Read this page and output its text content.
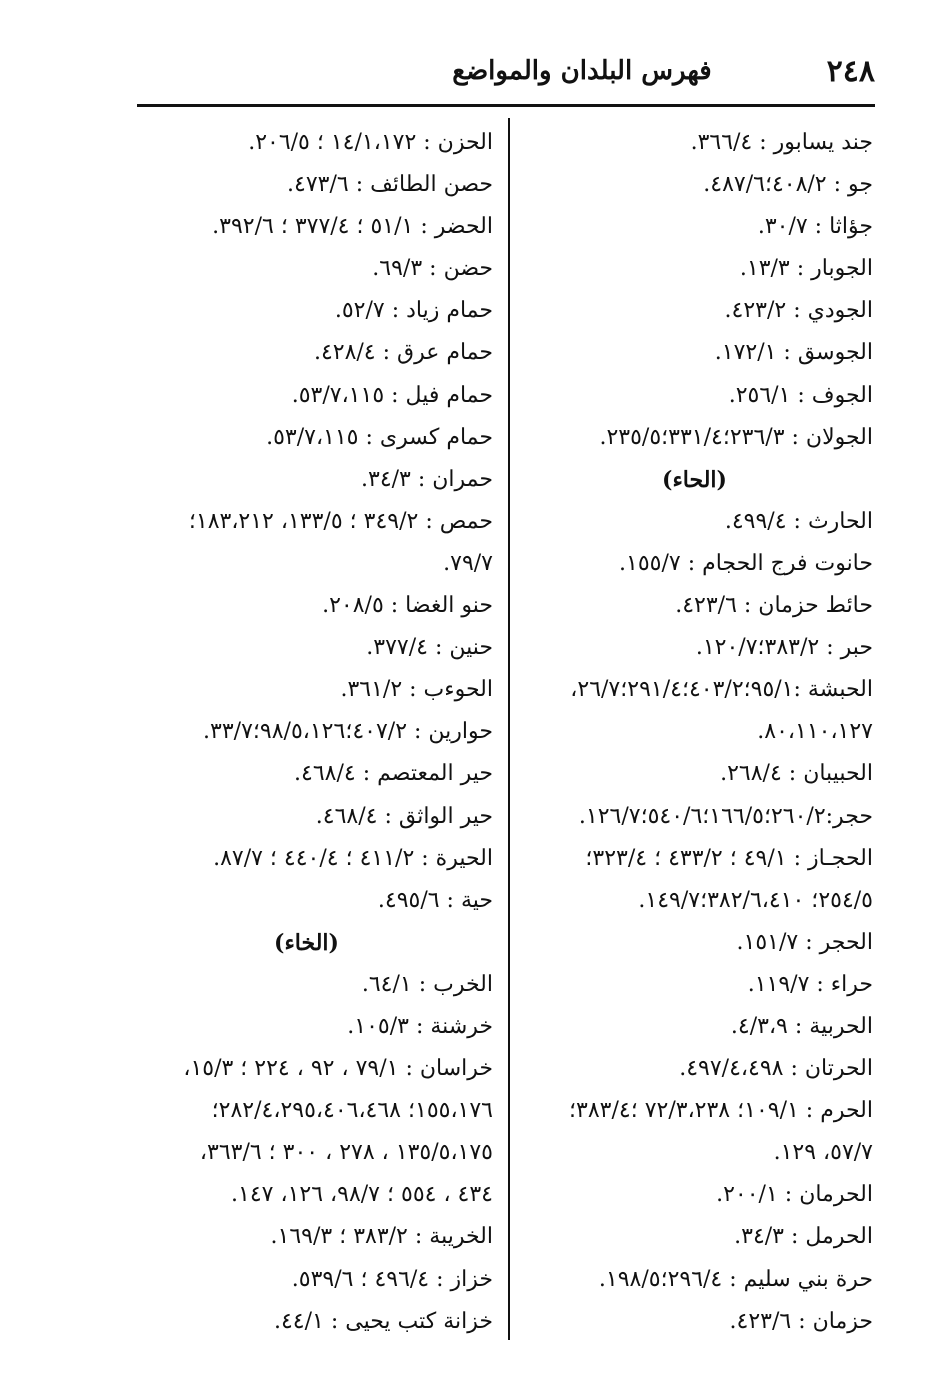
٢٤٨
فهرس البلدان والمواضع
جند يسابور : ٣٦٦/٤.
جو : ٤٠٨/٢؛٤٨٧/٦.
جؤاثا : ٣٠/٧.
الجوبار : ١٣/٣.
الجودي : ٤٢٣/٢.
الجوسق : ١٧٢/١.
الجوف : ٢٥٦/١.
الجولان : ٢٣٦/٣؛٣٣١/٤؛٢٣٥/٥.
(الحاء)
الحارث : ٤٩٩/٤.
حانوت فرج الحجام : ١٥٥/٧.
حائط حزمان : ٤٢٣/٦.
حبر : ٣٨٣/٢؛١٢٠/٧.
الحبشة :٩٥/١؛٤٠٣/٢؛٢٩١/٤؛٢٦/٧،
٨٠،١١٠،١٢٧.
الحبيبان : ٢٦٨/٤.
حجر:٢٦٠/٢؛١٦٦/٥؛٥٤٠/٦؛١٢٦/٧.
الحجـاز : ٤٩/١ ؛ ٤٣٣/٢ ؛ ٣٢٣/٤؛
٢٥٤/٥؛ ٣٨٢/٦،٤١٠؛١٤٩/٧.
الحجر : ١٥١/٧.
حراء : ١١٩/٧.
الحربية : ٤/٣،٩.
الحرتان : ٤٩٧/٤،٤٩٨.
الحرم : ١٠٩/١؛ ٧٢/٣،٢٣٨ ؛٣٨٣/٤؛
٥٧/٧، ١٢٩.
الحرمان : ٢٠٠/١.
الحرمل : ٣٤/٣.
حرة بني سليم : ٢٩٦/٤؛١٩٨/٥.
حزمان : ٤٢٣/٦.
الحزن : ١٤/١،١٧٢ ؛ ٢٠٦/٥.
حصن الطائف : ٤٧٣/٦.
الحضر : ٥١/١ ؛ ٣٧٧/٤ ؛ ٣٩٢/٦.
حضن : ٦٩/٣.
حمام زياد : ٥٢/٧.
حمام عرق : ٤٢٨/٤.
حمام فيل : ٥٣/٧،١١٥.
حمام كسرى : ٥٣/٧،١١٥.
حمران : ٣٤/٣.
حمص : ٣٤٩/٢ ؛ ١٣٣/٥، ١٨٣،٢١٢؛
٧٩/٧.
حنو الغضا : ٢٠٨/٥.
حنين : ٣٧٧/٤.
الحوءب : ٣٦١/٢.
حوارين : ٤٠٧/٢؛٩٨/٥،١٢٦؛٣٣/٧.
حير المعتصم : ٤٦٨/٤.
حير الواثق : ٤٦٨/٤.
الحيرة : ٤١١/٢ ؛ ٤٤٠/٤ ؛ ٨٧/٧.
حية : ٤٩٥/٦.
(الخاء)
الخرب : ٦٤/١.
خرشنة : ١٠٥/٣.
خراسان : ٧٩/١ ، ٩٢ ، ٢٢٤ ؛ ١٥/٣،
١٥٥،١٧٦؛ ٢٨٢/٤،٢٩٥،٤٠٦،٤٦٨؛
١٣٥/٥،١٧٥ ، ٢٧٨ ، ٣٠٠ ؛ ٣٦٣/٦،
٤٣٤ ، ٥٥٤ ؛ ٩٨/٧، ١٢٦، ١٤٧.
الخريبة : ٣٨٣/٢ ؛ ١٦٩/٣.
خزاز : ٤٩٦/٤ ؛ ٥٣٩/٦.
خزانة كتب يحيى : ٤٤/١.
